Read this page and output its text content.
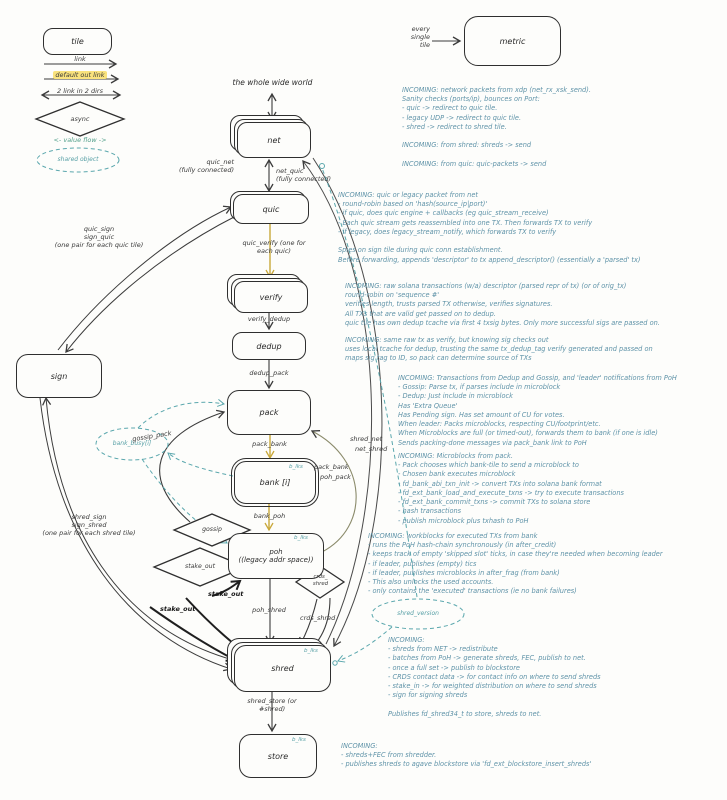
tile
link
default out link
2 link in 2 dirs
async
<- value flow ->
shared object
every
single
tile	metric
the whole wide world
net
quic
verify
dedup
pack
bank [i]
poh
((legacy addr space))
shred
store
sign
gossip
stake_out
crds_
shred
bank_busy[i]
shred_version
quic_net
(fully connected)	net_quic
(fully connected)
quic_verify (one for
each quic)
verify_dedup
dedup_pack
pack_bank
bank_poh
poh_shred
shred_store (or
#shred)
pack_bank
poh_pack
shred_net
net_shred
gossip_pack
stake_out
stake_out
crds_shred
quic_sign
sign_quic
(one pair for each quic tile)
shred_sign
sign_shred
(one pair for each shred tile)
b_lks
b_lks
b_lks
b_lks
INCOMING: network packets from xdp (net_rx_xsk_send).
Sanity checks (ports/ip), bounces on Port:
- quic -> redirect to quic tile.
- legacy UDP -> redirect to quic tile.
- shred -> redirect to shred tile.

INCOMING: from shred: shreds -> send

INCOMING: from quic: quic-packets -> send
INCOMING: quic or legacy packet from net
- round-robin based on 'hash(source_ip|port)'
- if quic, does quic engine + callbacks (eg quic_stream_receive)
- Each quic stream gets reassembled into one TX. Then forwards TX to verify
- if legacy, does legacy_stream_notify, which forwards TX to verify

Spies on sign tile during quic conn establishment.
Before forwarding, appends 'descriptor' to tx append_descriptor() (essentially a 'parsed' tx)
INCOMING: raw solana transactions (w/a) descriptor (parsed repr of tx) (or of orig_tx)
round-robin on 'sequence #'
verifies length, trusts parsed TX otherwise, verifies signatures.
All TXs that are valid get passed on to dedup.
quic tile has own dedup tcache via first 4 txsig bytes. Only more successful sigs are passed on.
INCOMING: same raw tx as verify, but knowing sig checks out
uses local tcache for dedup, trusting the same tx_dedup_tag verify generated and passed on
maps sig tag to ID, so pack can determine source of TXs
INCOMING: Transactions from Dedup and Gossip, and 'leader' notifications from PoH
- Gossip: Parse tx, if parses include in microblock
- Dedup: Just include in microblock
Has 'Extra Queue'
Has Pending sign. Has set amount of CU for votes.
When leader: Packs microblocks, respecting CU/footprint/etc.
When Microblocks are full (or timed-out), forwards them to bank (if one is idle)
Sends packing-done messages via pack_bank link to PoH
INCOMING: Microblocks from pack.
- Pack chooses which bank-tile to send a microblock to
- Chosen bank executes microblock
- fd_bank_abi_txn_init -> convert TXs into solana bank format
- fd_ext_bank_load_and_execute_txns -> try to execute transactions
- fd_ext_bank_commit_txns -> commit TXs to solana store
- hash transactions
- publish microblock plus txhash to PoH
INCOMING: workblocks for executed TXs from bank
- runs the PoH hash-chain synchronously (in after_credit)
- keeps track of empty 'skipped slot' ticks, in case they're needed when becoming leader
- if leader, publishes (empty) tics
- if leader, publishes microblocks in after_frag (from bank)
- This also unlocks the used accounts.
- only contains the 'executed' transactions (ie no bank failures)
INCOMING:
- shreds from NET -> redistribute
- batches from PoH -> generate shreds, FEC, publish to net.
- once a full set -> publish to blockstore
- CRDS contact data -> for contact info on where to send shreds
- stake_in -> for weighted distribution on where to send shreds
- sign for signing shreds

Publishes fd_shred34_t to store, shreds to net.
INCOMING:
- shreds+FEC from shredder.
- publishes shreds to agave blockstore via 'fd_ext_blockstore_insert_shreds'
